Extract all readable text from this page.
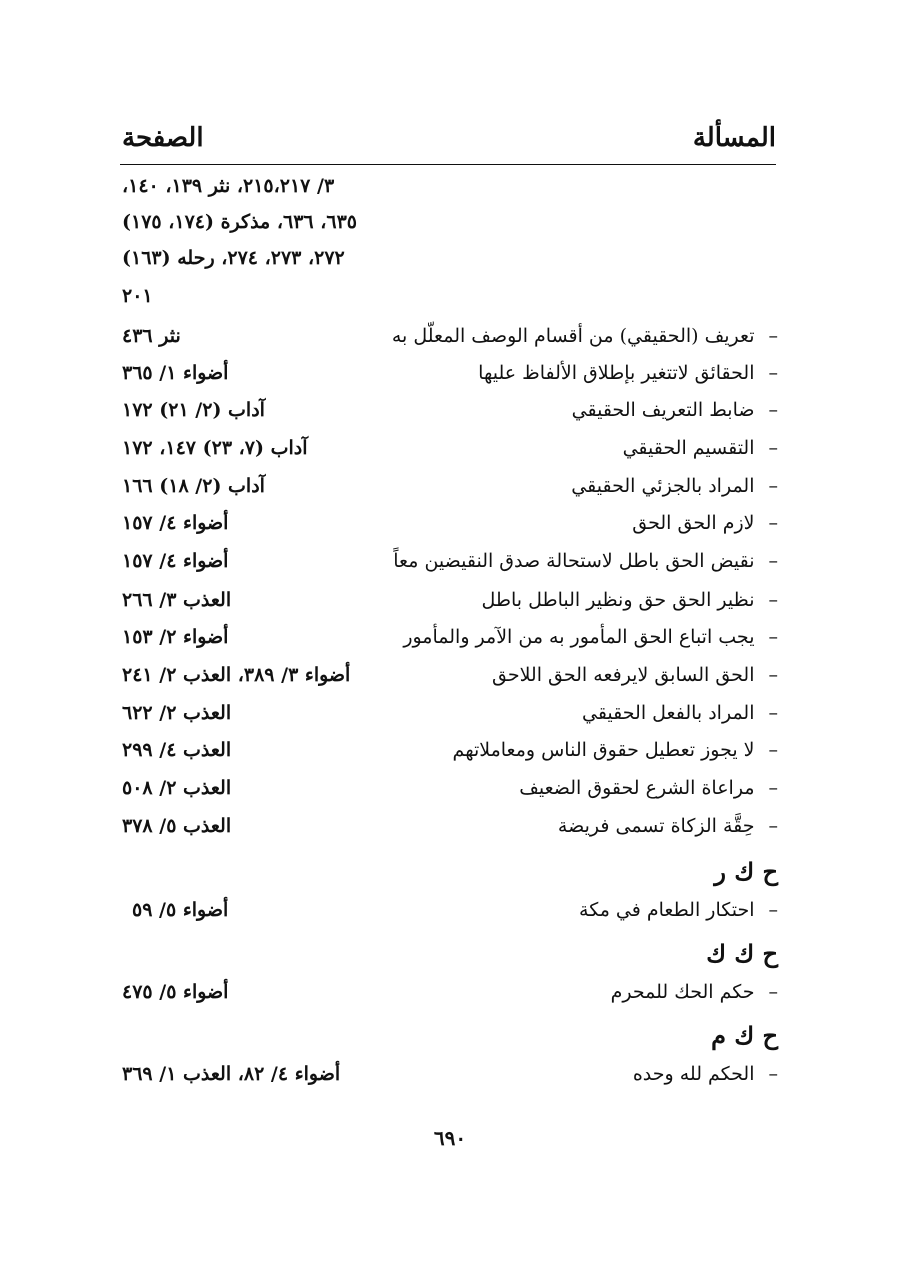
المسألة
الصفحة
٣/ ٢١٥،٢١٧، نثر ١٣٩، ١٤٠،
٦٣٥، ٦٣٦، مذكرة (١٧٤، ١٧٥)
٢٧٢، ٢٧٣، ٢٧٤، رحله (١٦٣)
٢٠١
–تعريف (الحقيقي) من أقسام الوصف المعلّل به
نثر ٤٣٦
–الحقائق لاتتغير بإطلاق الألفاظ عليها
أضواء ١/ ٣٦٥
–ضابط التعريف الحقيقي
آداب (٢/ ٢١) ١٧٢
–التقسيم الحقيقي
آداب (٧، ٢٣) ١٤٧، ١٧٢
–المراد بالجزئي الحقيقي
آداب (٢/ ١٨) ١٦٦
–لازم الحق الحق
أضواء ٤/ ١٥٧
–نقيض الحق باطل لاستحالة صدق النقيضين معاً
أضواء ٤/ ١٥٧
–نظير الحق حق ونظير الباطل باطل
العذب ٣/ ٢٦٦
–يجب اتباع الحق المأمور به من الآمر والمأمور
أضواء ٢/ ١٥٣
–الحق السابق لايرفعه الحق اللاحق
أضواء ٣/ ٣٨٩، العذب ٢/ ٢٤١
–المراد بالفعل الحقيقي
العذب ٢/ ٦٢٢
–لا يجوز تعطيل حقوق الناس ومعاملاتهم
العذب ٤/ ٢٩٩
–مراعاة الشرع لحقوق الضعيف
العذب ٢/ ٥٠٨
–حِقَّة الزكاة تسمى فريضة
العذب ٥/ ٣٧٨
ح ك ر
–احتكار الطعام في مكة
أضواء ٥/ ٥٩
ح ك ك
–حكم الحك للمحرم
أضواء ٥/ ٤٧٥
ح ك م
–الحكم لله وحده
أضواء ٤/ ٨٢، العذب ١/ ٣٦٩
٦٩٠
